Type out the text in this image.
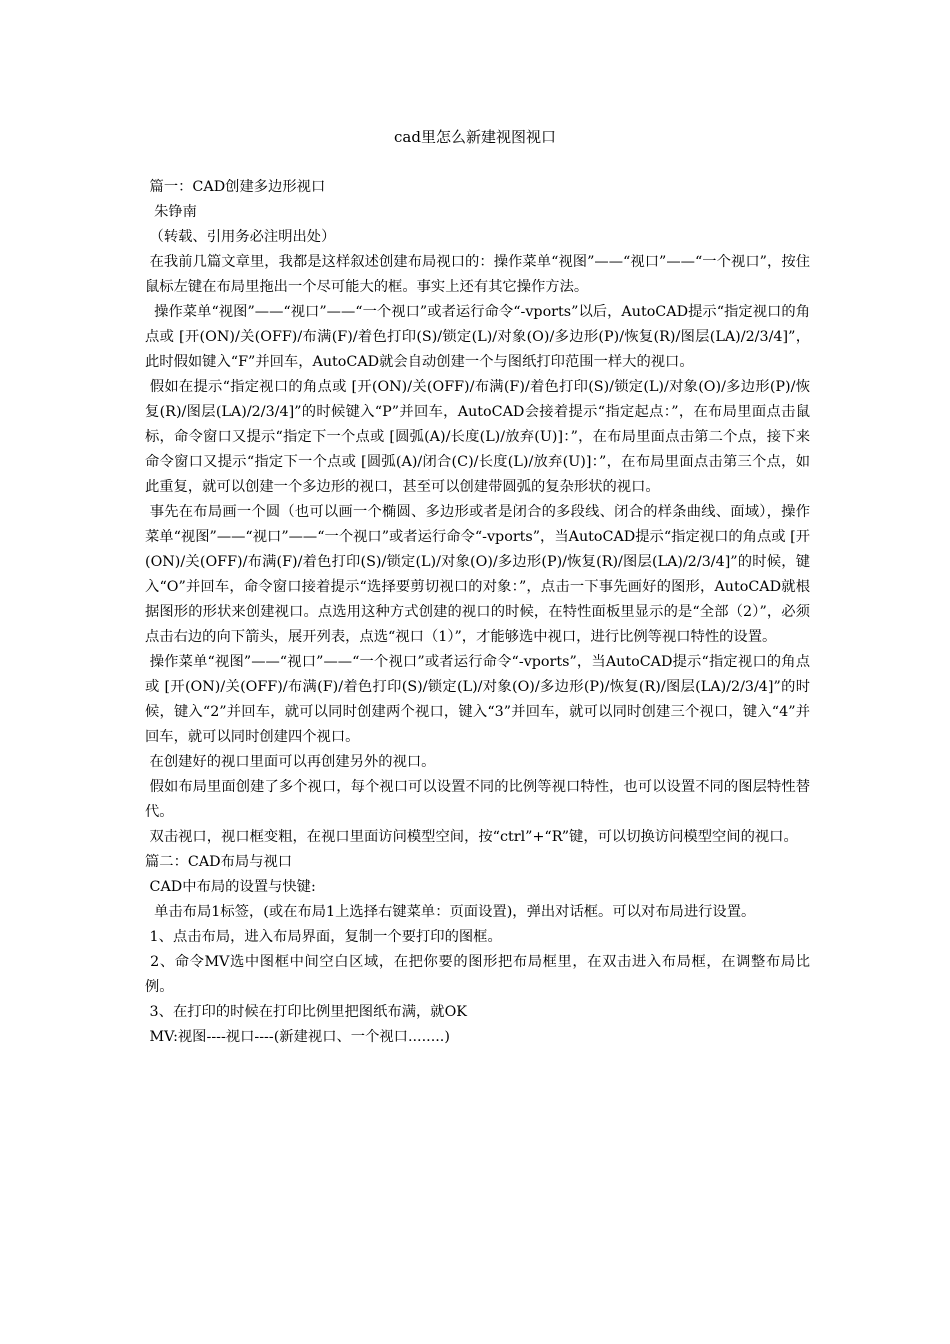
cad里怎么新建视图视口

篇一：CAD创建多边形视口

朱铮南

（转载、引用务必注明出处）

在我前几篇文章里，我都是这样叙述创建布局视口的：操作菜单“视图”——“视口”——“一个视口”，按住鼠标左键在布局里拖出一个尽可能大的框。事实上还有其它操作方法。

操作菜单“视图”——“视口”——“一个视口”或者运行命令“-vports”以后，AutoCAD提示“指定视口的角点或 [开(ON)/关(OFF)/布满(F)/着色打印(S)/锁定(L)/对象(O)/多边形(P)/恢复(R)/图层(LA)/2/3/4]”，此时假如键入“F”并回车，AutoCAD就会自动创建一个与图纸打印范围一样大的视口。

假如在提示“指定视口的角点或 [开(ON)/关(OFF)/布满(F)/着色打印(S)/锁定(L)/对象(O)/多边形(P)/恢复(R)/图层(LA)/2/3/4]”的时候键入“P”并回车，AutoCAD会接着提示“指定起点：”，在布局里面点击鼠标，命令窗口又提示“指定下一个点或 [圆弧(A)/长度(L)/放弃(U)]：”，在布局里面点击第二个点，接下来命令窗口又提示“指定下一个点或 [圆弧(A)/闭合(C)/长度(L)/放弃(U)]：”，在布局里面点击第三个点，如此重复，就可以创建一个多边形的视口，甚至可以创建带圆弧的复杂形状的视口。

事先在布局画一个圆（也可以画一个椭圆、多边形或者是闭合的多段线、闭合的样条曲线、面域），操作菜单“视图”——“视口”——“一个视口”或者运行命令“-vports”，当AutoCAD提示“指定视口的角点或 [开(ON)/关(OFF)/布满(F)/着色打印(S)/锁定(L)/对象(O)/多边形(P)/恢复(R)/图层(LA)/2/3/4]”的时候，键入“O”并回车，命令窗口接着提示“选择要剪切视口的对象：”，点击一下事先画好的图形，AutoCAD就根据图形的形状来创建视口。点选用这种方式创建的视口的时候，在特性面板里显示的是“全部（2）”，必须点击右边的向下箭头，展开列表，点选“视口（1）”，才能够选中视口，进行比例等视口特性的设置。

操作菜单“视图”——“视口”——“一个视口”或者运行命令“-vports”，当AutoCAD提示“指定视口的角点或 [开(ON)/关(OFF)/布满(F)/着色打印(S)/锁定(L)/对象(O)/多边形(P)/恢复(R)/图层(LA)/2/3/4]”的时候，键入“2”并回车，就可以同时创建两个视口，键入“3”并回车，就可以同时创建三个视口，键入“4”并回车，就可以同时创建四个视口。

在创建好的视口里面可以再创建另外的视口。

假如布局里面创建了多个视口，每个视口可以设置不同的比例等视口特性，也可以设置不同的图层特性替代。

双击视口，视口框变粗，在视口里面访问模型空间，按“ctrl”+“R”键，可以切换访问模型空间的视口。

篇二：CAD布局与视口

CAD中布局的设置与快键:

单击布局1标签，(或在布局1上选择右键菜单：页面设置)，弹出对话框。可以对布局进行设置。

1、点击布局，进入布局界面，复制一个要打印的图框。

2、命令MV选中图框中间空白区域，在把你要的图形把布局框里，在双击进入布局框，在调整布局比例。

3、在打印的时候在打印比例里把图纸布满，就OK

MV:视图----视口----(新建视口、一个视口........)
